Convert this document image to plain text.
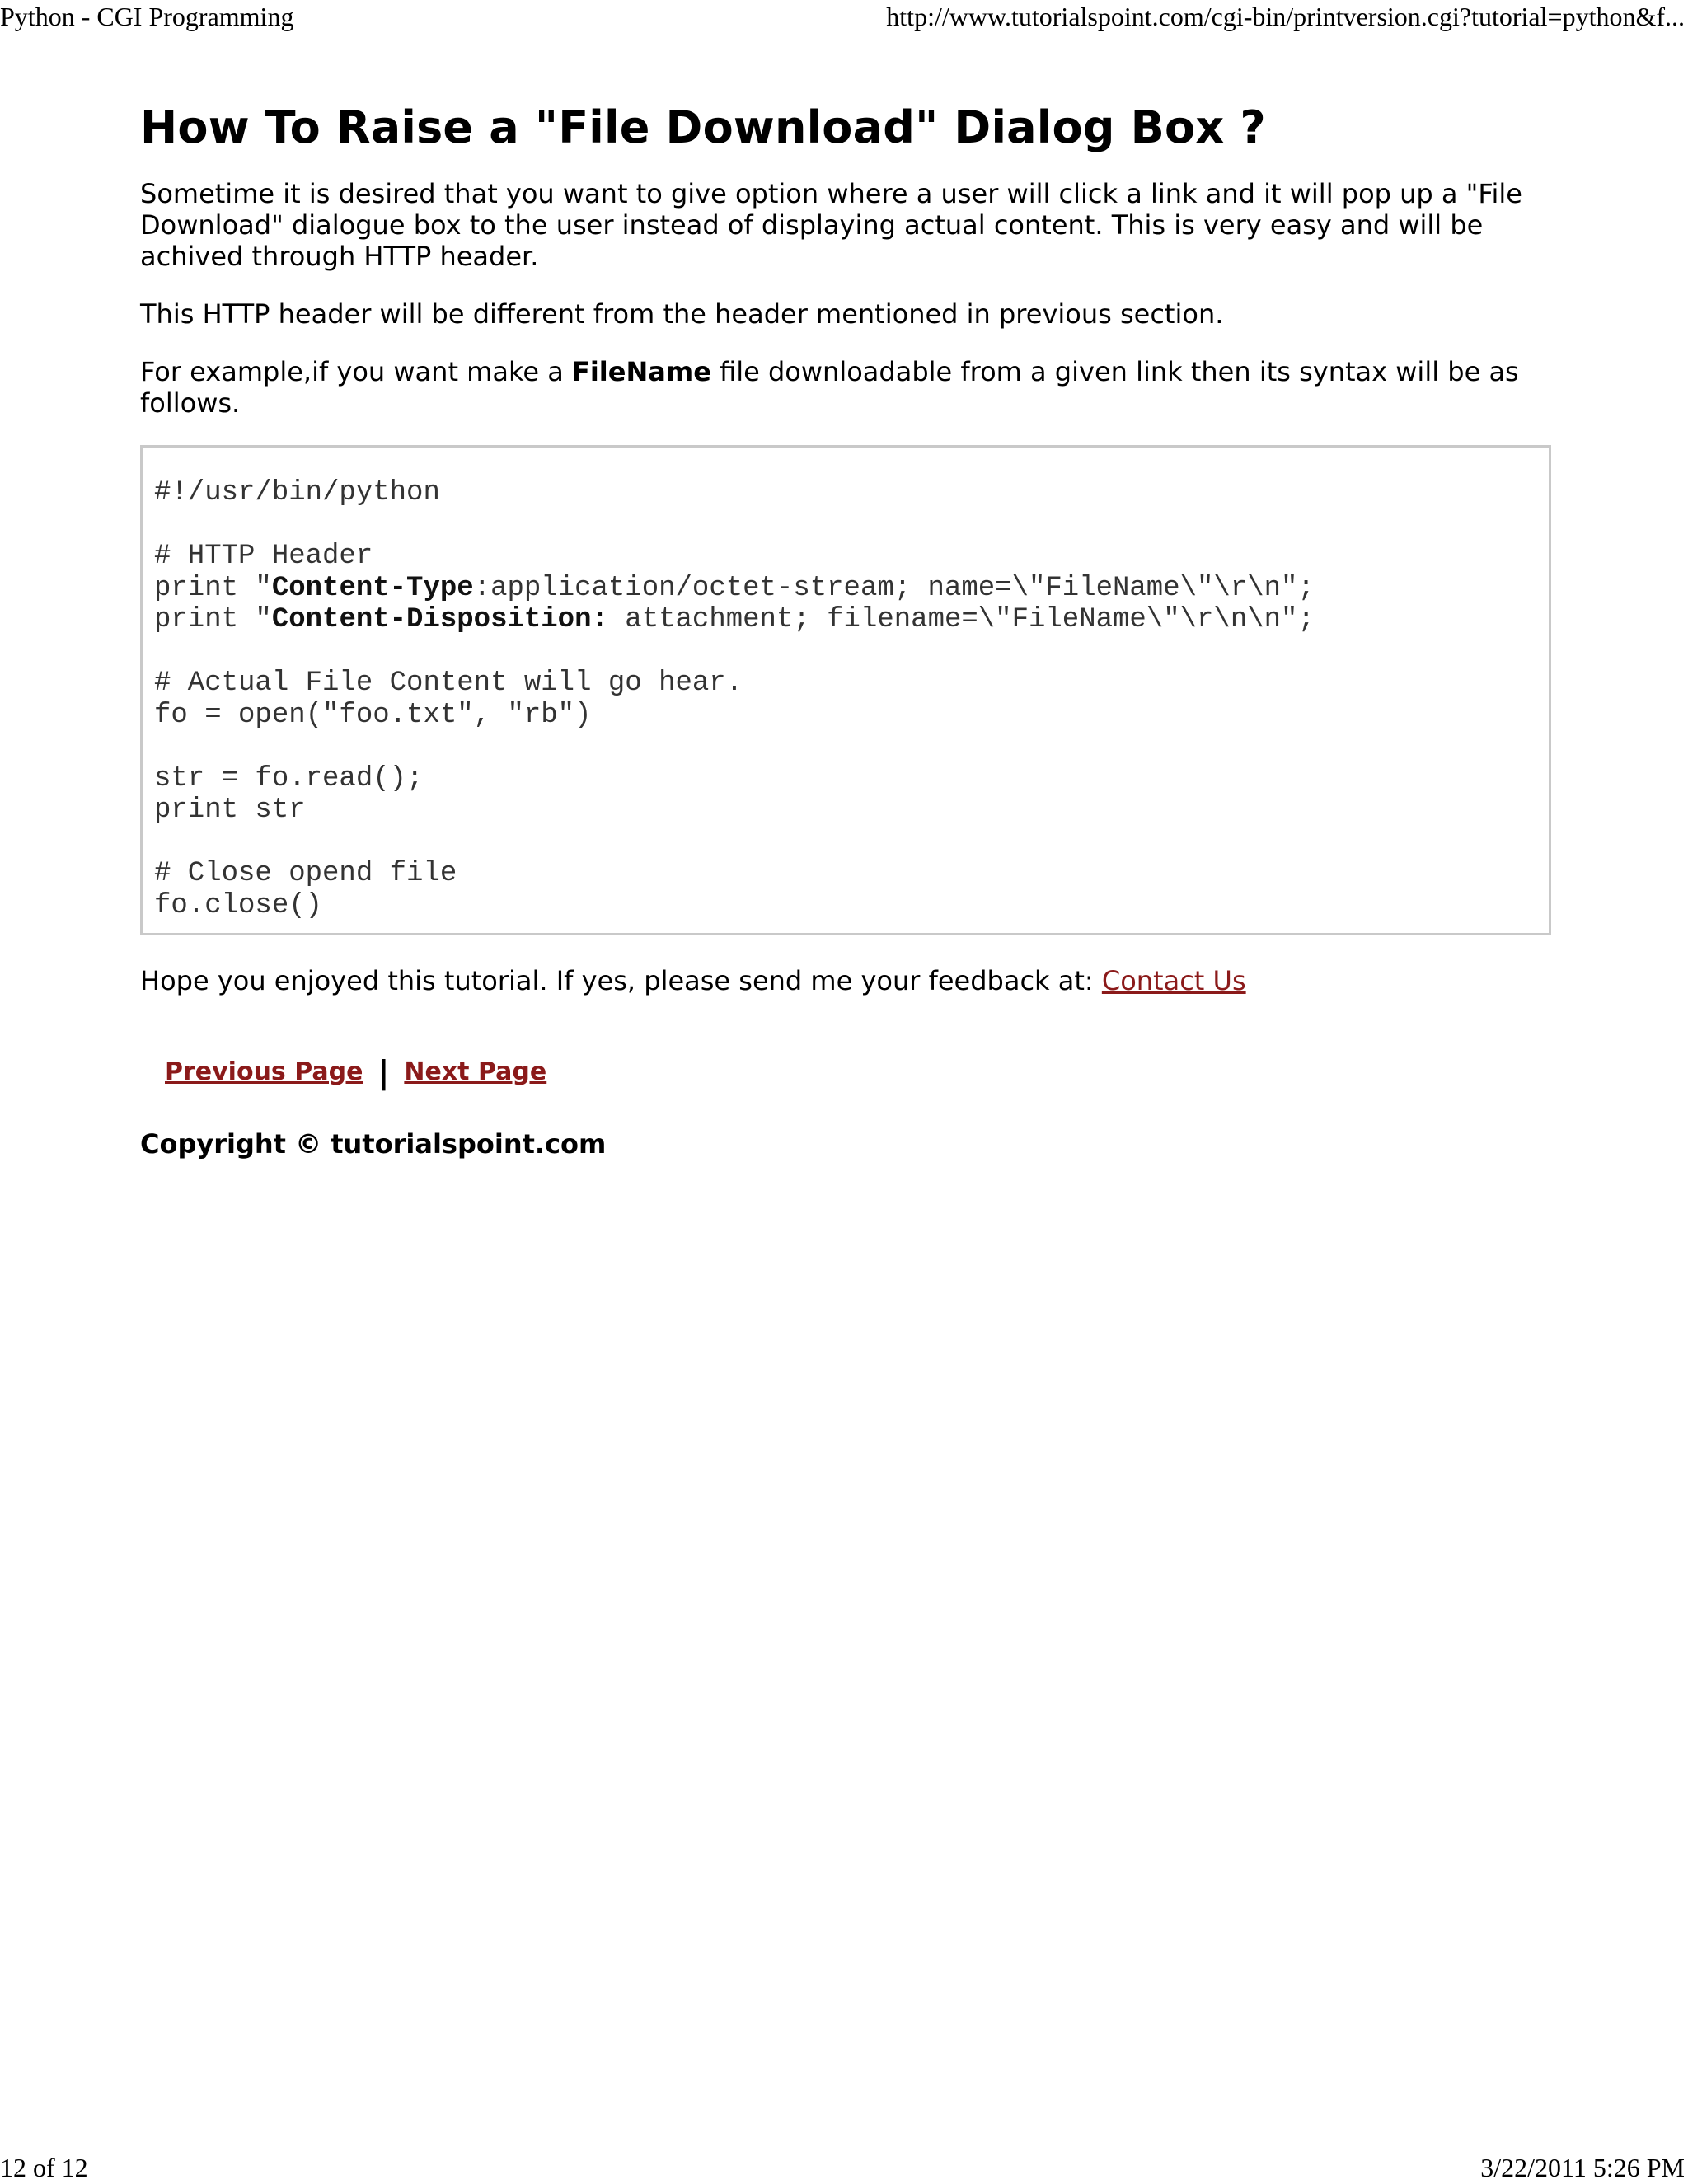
Python - CGI Programming	http://www.tutorialspoint.com/cgi-bin/printversion.cgi?tutorial=python&f...
How To Raise a "File Download" Dialog Box ?

Sometime it is desired that you want to give option where a user will click a link and it will pop up a "File Download" dialogue box to the user instead of displaying actual content. This is very easy and will be achived through HTTP header.

This HTTP header will be different from the header mentioned in previous section.

For example,if you want make a FileName file downloadable from a given link then its syntax will be as follows.

#!/usr/bin/python
# HTTP Header
print "Content-Type:application/octet-stream; name=\"FileName\"\r\n";
print "Content-Disposition: attachment; filename=\"FileName\"\r\n\n";
# Actual File Content will go hear.
fo = open("foo.txt", "rb")
str = fo.read();
print str
# Close opend file
fo.close()

Hope you enjoyed this tutorial. If yes, please send me your feedback at: Contact Us

Previous Page | Next Page
Copyright © tutorialspoint.com
12 of 12	3/22/2011 5:26 PM
